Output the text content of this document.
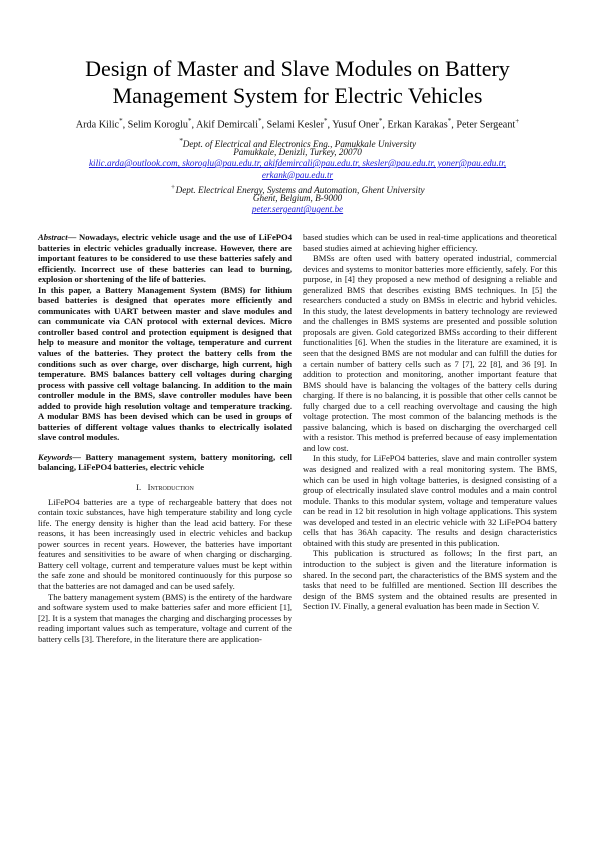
Design of Master and Slave Modules on Battery Management System for Electric Vehicles
Arda Kilic*, Selim Koroglu*, Akif Demircali*, Selami Kesler*, Yusuf Oner*, Erkan Karakas*, Peter Sergeant+
*Dept. of Electrical and Electronics Eng., Pamukkale University
Pamukkale, Denizli, Turkey, 20070
kilic.arda@outlook.com, skoroglu@pau.edu.tr, akifdemircali@pau.edu.tr, skesler@pau.edu.tr, yoner@pau.edu.tr,
erkank@pau.edu.tr
+Dept. Electrical Energy, Systems and Automation, Ghent University
Ghent, Belgium, B-9000
peter.sergeant@ugent.be

Abstract— Nowadays, electric vehicle usage and the use of LiFePO4 batteries in electric vehicles gradually increase. However, there are important features to be considered to use these batteries safely and efficiently. Incorrect use of these batteries can lead to burning, explosion or shortening of the life of batteries.

In this paper, a Battery Management System (BMS) for lithium based batteries is designed that operates more efficiently and communicates with UART between master and slave modules and can communicate via CAN protocol with external devices. Micro controller based control and protection equipment is designed that help to measure and monitor the voltage, temperature and current values of the batteries. They protect the battery cells from the conditions such as over charge, over discharge, high current, high temperature. BMS balances battery cell voltages during charging process with passive cell voltage balancing. In addition to the main controller module in the BMS, slave controller modules have been added to provide high resolution voltage and temperature tracking. A modular BMS has been devised which can be used in groups of batteries of different voltage values thanks to electrically isolated slave control modules.

Keywords— Battery management system, battery monitoring, cell balancing, LiFePO4 batteries, electric vehicle

I. Introduction

LiFePO4 batteries are a type of rechargeable battery that does not contain toxic substances, have high temperature stability and long cycle life. The energy density is higher than the lead acid battery. For these reasons, it has been increasingly used in electric vehicles and backup power sources in recent years. However, the batteries have important features and sensitivities to be aware of when charging or discharging. Battery cell voltage, current and temperature values must be kept within the safe zone and should be monitored continuously for this purpose so that the batteries are not damaged and can be used safely.

The battery management system (BMS) is the entirety of the hardware and software system used to make batteries safer and more efficient [1],[2]. It is a system that manages the charging and discharging processes by reading important values such as temperature, voltage and current of the battery cells [3]. Therefore, in the literature there are application-

based studies which can be used in real-time applications and theoretical based studies aimed at achieving higher efficiency.

BMSs are often used with battery operated industrial, commercial devices and systems to monitor batteries more efficiently, safely. For this purpose, in [4] they proposed a new method of designing a reliable and generalized BMS that describes existing BMS techniques. In [5] the researchers conducted a study on BMSs in electric and hybrid vehicles. In this study, the latest developments in battery technology are reviewed and the challenges in BMS systems are presented and possible solution proposals are given. Gold categorized BMSs according to their different functionalities [6]. When the studies in the literature are examined, it is seen that the designed BMS are not modular and can fulfill the duties for a certain number of battery cells such as 7 [7], 22 [8], and 36 [9]. In addition to protection and monitoring, another important feature that BMS should have is balancing the voltages of the battery cells during charging. If there is no balancing, it is possible that other cells cannot be fully charged due to a cell reaching overvoltage and causing the high voltage protection. The most common of the balancing methods is the passive balancing, which is based on discharging the overcharged cell with a resistor. This method is preferred because of easy implementation and low cost.

In this study, for LiFePO4 batteries, slave and main controller system was designed and realized with a real monitoring system. The BMS, which can be used in high voltage batteries, is designed consisting of a group of electrically insulated slave control modules and a main control module. Thanks to this modular system, voltage and temperature values can be read in 12 bit resolution in high voltage applications. This system was developed and tested in an electric vehicle with 32 LiFePO4 battery cells that has 36Ah capacity. The results and design characteristics obtained with this study are presented in this publication.

This publication is structured as follows; In the first part, an introduction to the subject is given and the literature information is shared. In the second part, the characteristics of the BMS system and the tasks that need to be fulfilled are mentioned. Section III describes the design of the BMS system and the obtained results are presented in Section IV. Finally, a general evaluation has been made in Section V.
